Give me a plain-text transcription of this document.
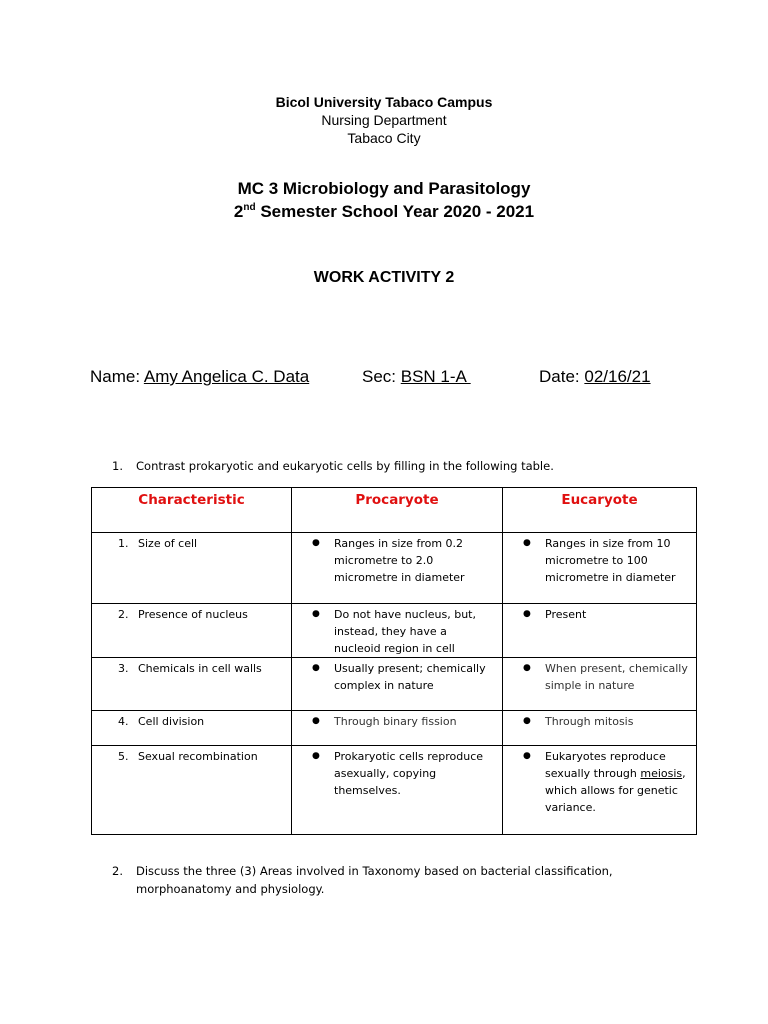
Bicol University Tabaco Campus
Nursing Department
Tabaco City
MC 3 Microbiology and Parasitology
2nd Semester School Year 2020 - 2021
WORK ACTIVITY 2
Name: Amy Angelica C. Data	Sec: BSN 1-A	Date: 02/16/21
1. Contrast prokaryotic and eukaryotic cells by filling in the following table.
Characteristic	Procaryote	Eucaryote
1. Size of cell	● Ranges in size from 0.2 micrometre to 2.0 micrometre in diameter	● Ranges in size from 10 micrometre to 100 micrometre in diameter

2. Presence of nucleus	● Do not have nucleus, but, instead, they have a nucleoid region in cell	● Present

3. Chemicals in cell walls	● Usually present; chemically complex in nature	● When present, chemically simple in nature

4. Cell division	● Through binary fission	● Through mitosis

5. Sexual recombination	● Prokaryotic cells reproduce asexually, copying themselves.	● Eukaryotes reproduce sexually through meiosis, which allows for genetic variance.
2. Discuss the three (3) Areas involved in Taxonomy based on bacterial classification, morphoanatomy and physiology.
